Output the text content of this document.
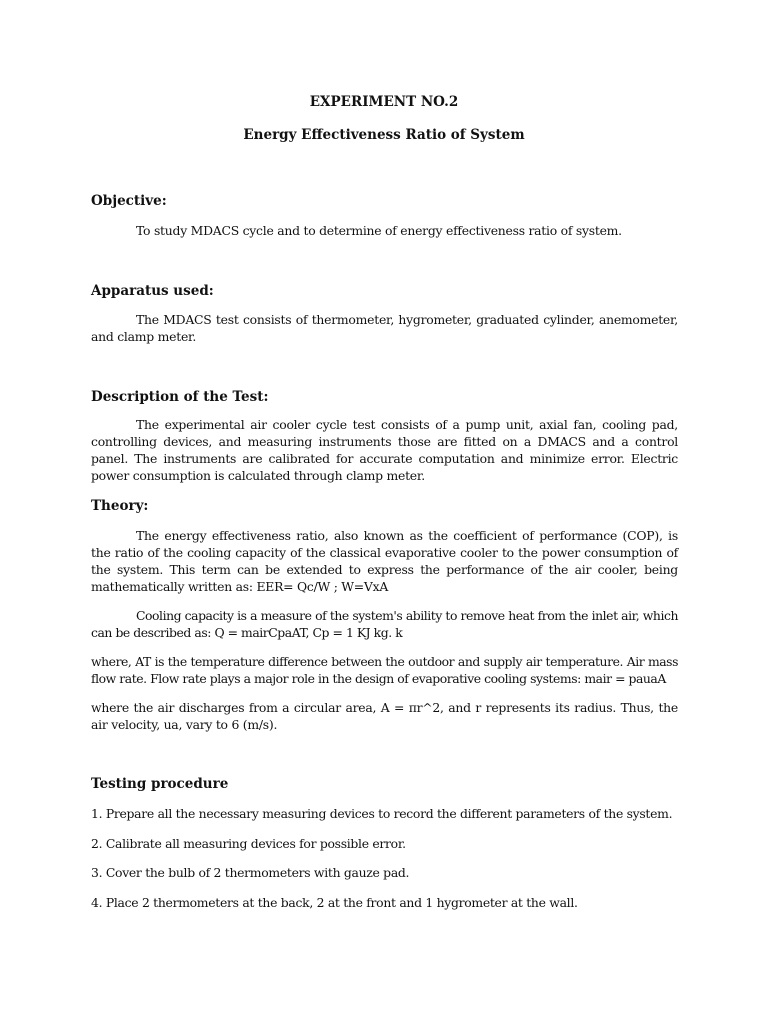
EXPERIMENT NO.2
Energy Effectiveness Ratio of System
Objective:
To study MDACS cycle and to determine of energy effectiveness ratio of system.
Apparatus used:
The MDACS test consists of thermometer, hygrometer, graduated cylinder, anemometer, and clamp meter.
Description of the Test:
The experimental air cooler cycle test consists of a pump unit, axial fan, cooling pad, controlling devices, and measuring instruments those are fitted on a DMACS and a control panel. The instruments are calibrated for accurate computation and minimize error. Electric power consumption is calculated through clamp meter.
Theory:
The energy effectiveness ratio, also known as the coefficient of performance (COP), is the ratio of the cooling capacity of the classical evaporative cooler to the power consumption of the system. This term can be extended to express the performance of the air cooler, being mathematically written as: EER= Qc/W ; W=VxA
Cooling capacity is a measure of the system's ability to remove heat from the inlet air, which can be described as: Q = mairCpaAT, Cp = 1 KJ kg. k
where, AT is the temperature difference between the outdoor and supply air temperature. Air mass flow rate. Flow rate plays a major role in the design of evaporative cooling systems: mair = pauaA
where the air discharges from a circular area, A = πr^2, and r represents its radius. Thus, the air velocity, ua, vary to 6 (m/s).
Testing procedure
1. Prepare all the necessary measuring devices to record the different parameters of the system.
2. Calibrate all measuring devices for possible error.
3. Cover the bulb of 2 thermometers with gauze pad.
4. Place 2 thermometers at the back, 2 at the front and 1 hygrometer at the wall.
